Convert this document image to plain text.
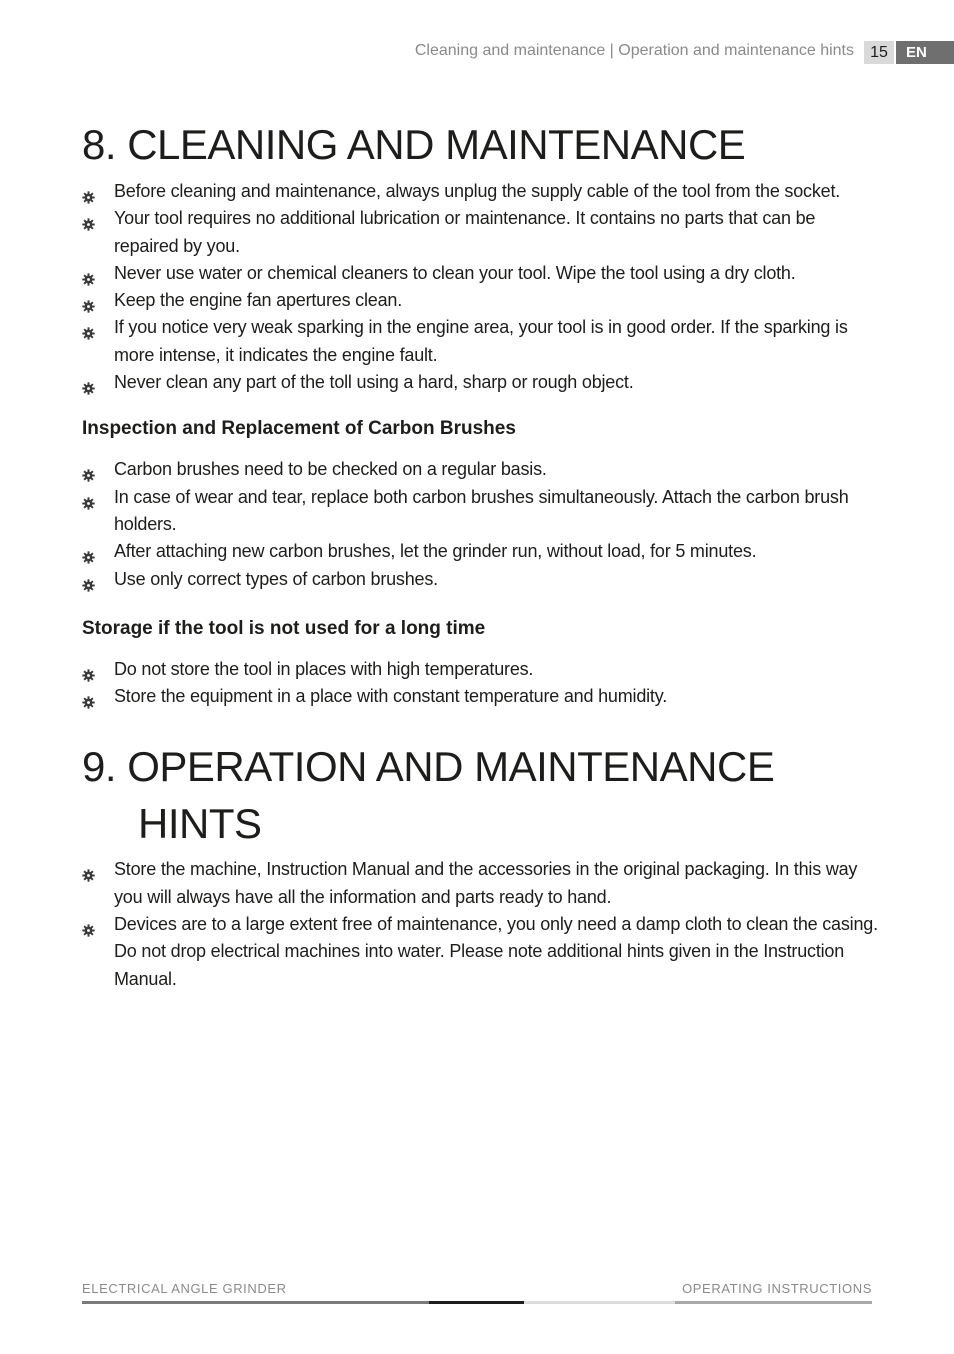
Cleaning and maintenance | Operation and maintenance hints	15	EN
8. CLEANING AND MAINTENANCE
Before cleaning and maintenance, always unplug the supply cable of the tool from the socket.
Your tool requires no additional lubrication or maintenance. It contains no parts that can be repaired by you.
Never use water or chemical cleaners to clean your tool. Wipe the tool using a dry cloth.
Keep the engine fan apertures clean.
If you notice very weak sparking in the engine area, your tool is in good order. If the sparking is more intense, it indicates the engine fault.
Never clean any part of the toll using a hard, sharp or rough object.
Inspection and Replacement of Carbon Brushes
Carbon brushes need to be checked on a regular basis.
In case of wear and tear, replace both carbon brushes simultaneously. Attach the carbon brush holders.
After attaching new carbon brushes, let the grinder run, without load, for 5 minutes.
Use only correct types of carbon brushes.
Storage if the tool is not used for a long time
Do not store the tool in places with high temperatures.
Store the equipment in a place with constant temperature and humidity.
9. OPERATION AND MAINTENANCE
HINTS
Store the machine, Instruction Manual and the accessories in the original packaging. In this way you will always have all the information and parts ready to hand.
Devices are to a large extent free of maintenance, you only need a damp cloth to clean the casing. Do not drop electrical machines into water. Please note additional hints given in the Instruction Manual.
ELECTRICAL ANGLE GRINDER	OPERATING INSTRUCTIONS
